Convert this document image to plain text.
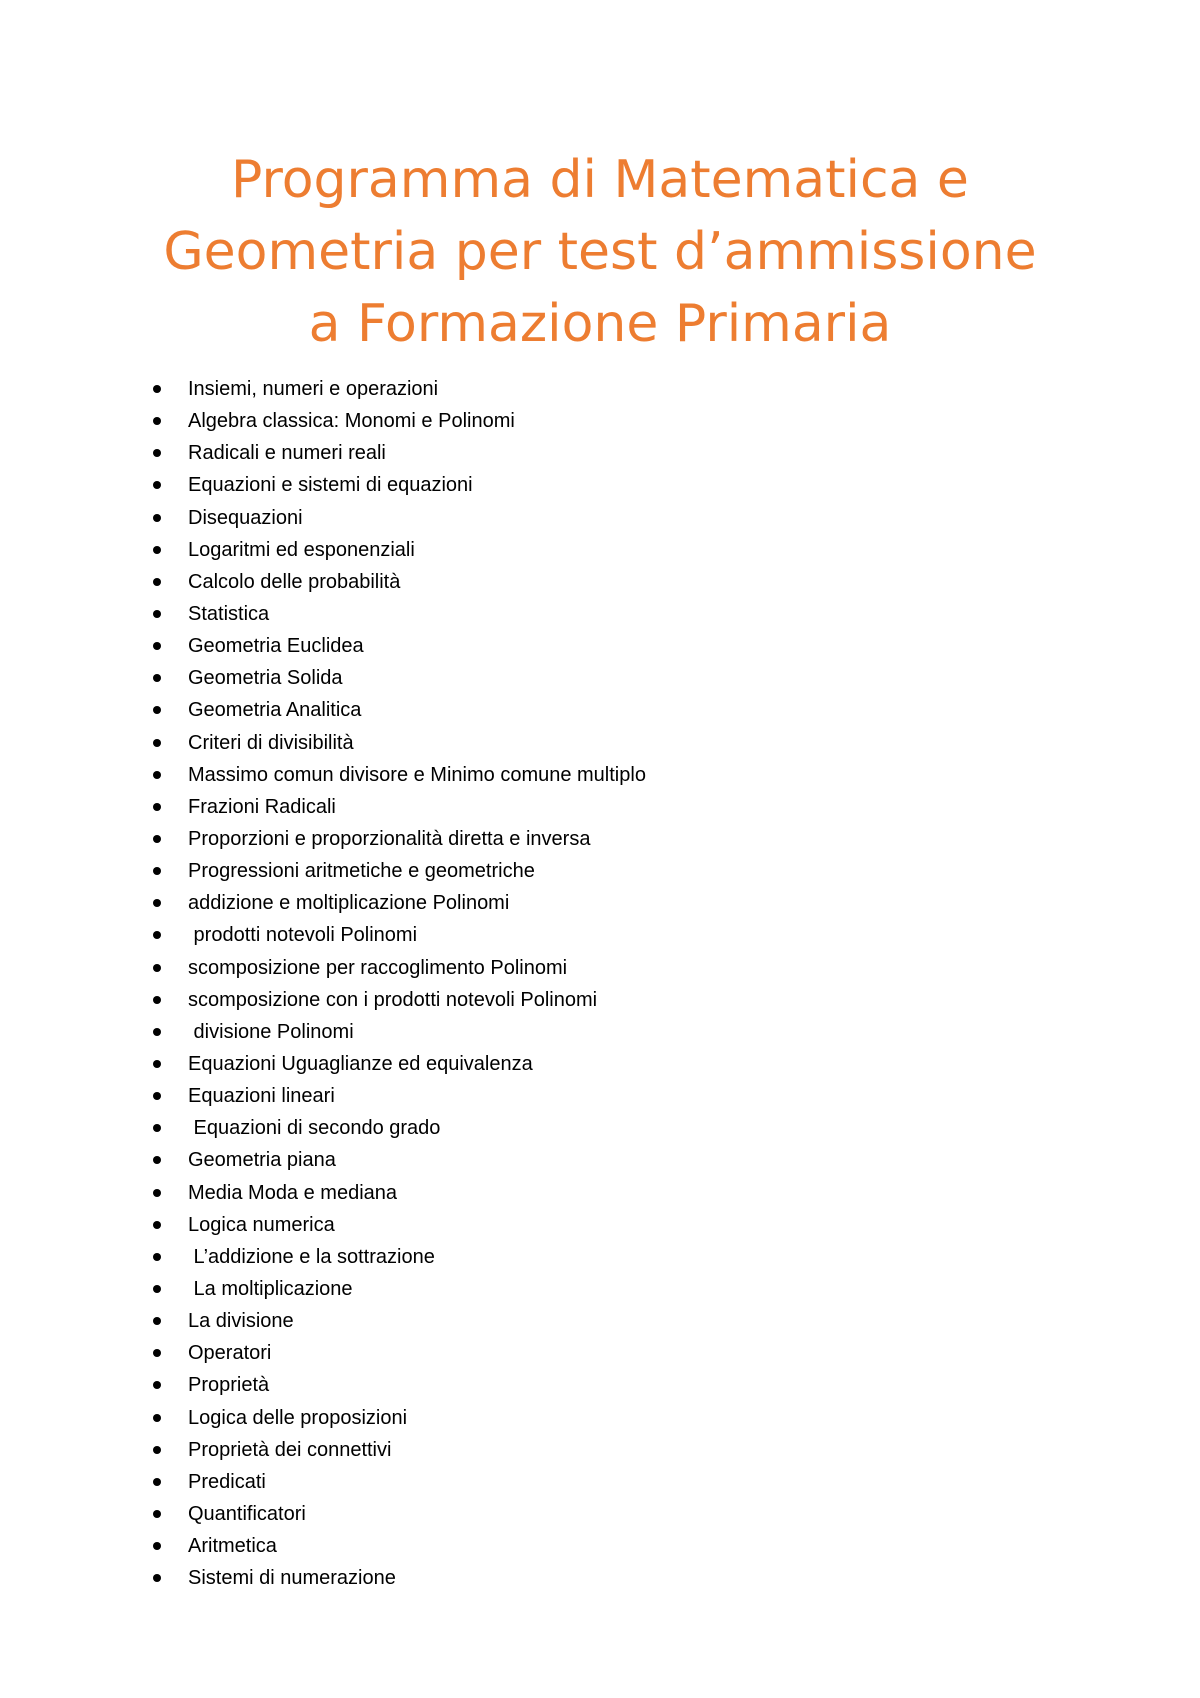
Programma di Matematica e
Geometria per test d’ammissione
a Formazione Primaria
Insiemi, numeri e operazioni
Algebra classica: Monomi e Polinomi
Radicali e numeri reali
Equazioni e sistemi di equazioni
Disequazioni
Logaritmi ed esponenziali
Calcolo delle probabilità
Statistica
Geometria Euclidea
Geometria Solida
Geometria Analitica
Criteri di divisibilità
Massimo comun divisore e Minimo comune multiplo
Frazioni Radicali
Proporzioni e proporzionalità diretta e inversa
Progressioni aritmetiche e geometriche
addizione e moltiplicazione Polinomi
prodotti notevoli Polinomi
scomposizione per raccoglimento Polinomi
scomposizione con i prodotti notevoli Polinomi
divisione Polinomi
Equazioni Uguaglianze ed equivalenza
Equazioni lineari
Equazioni di secondo grado
Geometria piana
Media Moda e mediana
Logica numerica
L’addizione e la sottrazione
La moltiplicazione
La divisione
Operatori
Proprietà
Logica delle proposizioni
Proprietà dei connettivi
Predicati
Quantificatori
Aritmetica
Sistemi di numerazione
